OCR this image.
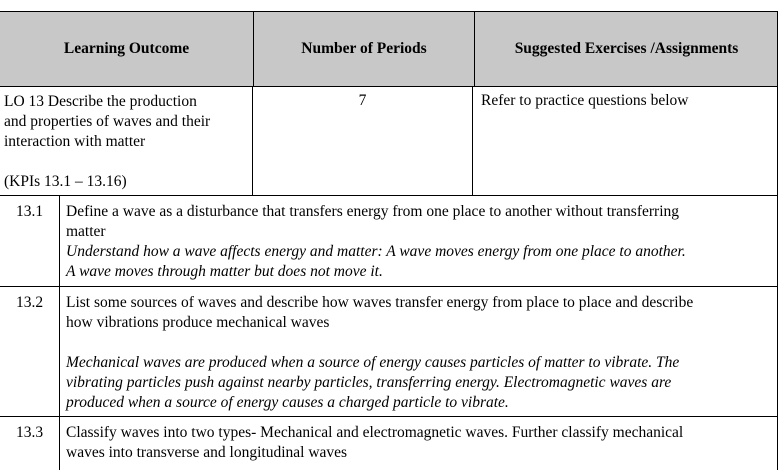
Learning Outcome	Number of Periods	Suggested Exercises /Assignments
LO 13 Describe the production
and properties of waves and their
interaction with matter
(KPIs 13.1 – 13.16)
7	Refer to practice questions below
13.1	Define a wave as a disturbance that transfers energy from one place to another without transferring
matter
Understand how a wave affects energy and matter: A wave moves energy from one place to another.
A wave moves through matter but does not move it.
13.2	List some sources of waves and describe how waves transfer energy from place to place and describe
how vibrations produce mechanical waves
Mechanical waves are produced when a source of energy causes particles of matter to vibrate. The
vibrating particles push against nearby particles, transferring energy. Electromagnetic waves are
produced when a source of energy causes a charged particle to vibrate.
13.3	Classify waves into two types- Mechanical and electromagnetic waves. Further classify mechanical
waves into transverse and longitudinal waves
